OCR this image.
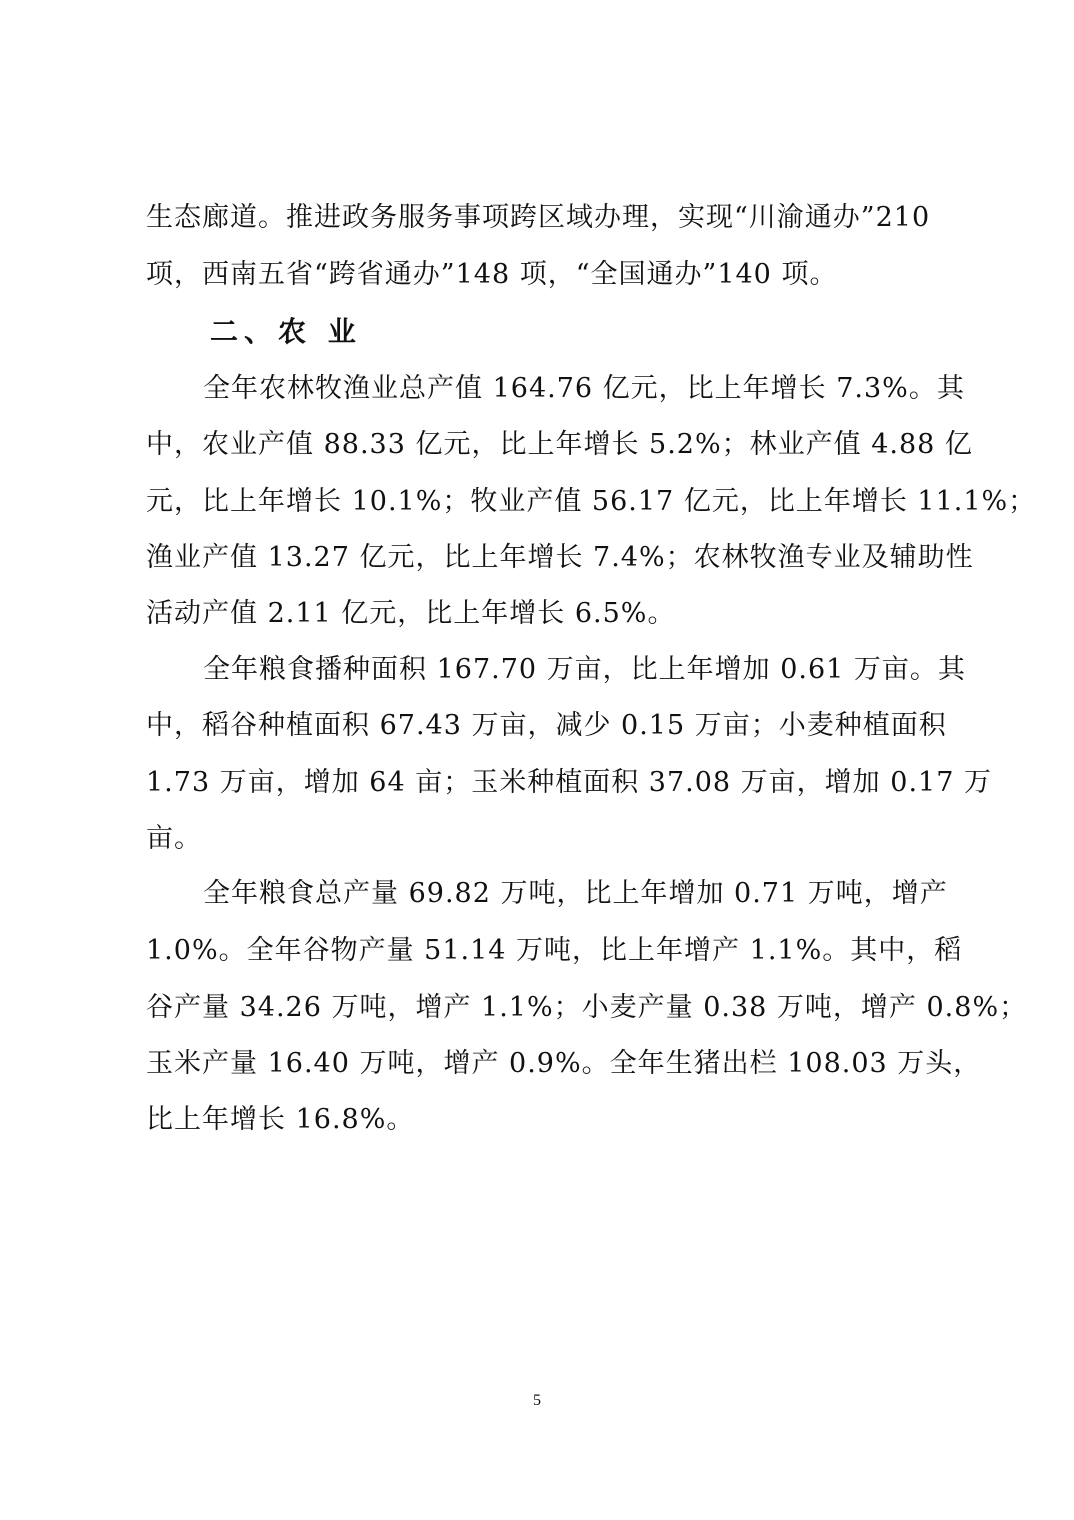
生态廊道。推进政务服务事项跨区域办理，实现“川渝通办”210
项，西南五省“跨省通办”148 项，“全国通办”140 项。
二、农 业
全年农林牧渔业总产值 164.76 亿元，比上年增长 7.3%。其
中，农业产值 88.33 亿元，比上年增长 5.2%；林业产值 4.88 亿
元，比上年增长 10.1%；牧业产值 56.17 亿元，比上年增长 11.1%；
渔业产值 13.27 亿元，比上年增长 7.4%；农林牧渔专业及辅助性
活动产值 2.11 亿元，比上年增长 6.5%。
全年粮食播种面积 167.70 万亩，比上年增加 0.61 万亩。其
中，稻谷种植面积 67.43 万亩，减少 0.15 万亩；小麦种植面积
1.73 万亩，增加 64 亩；玉米种植面积 37.08 万亩，增加 0.17 万
亩。
全年粮食总产量 69.82 万吨，比上年增加 0.71 万吨，增产
1.0%。全年谷物产量 51.14 万吨，比上年增产 1.1%。其中，稻
谷产量 34.26 万吨，增产 1.1%；小麦产量 0.38 万吨，增产 0.8%；
玉米产量 16.40 万吨，增产 0.9%。全年生猪出栏 108.03 万头，
比上年增长 16.8%。
5
